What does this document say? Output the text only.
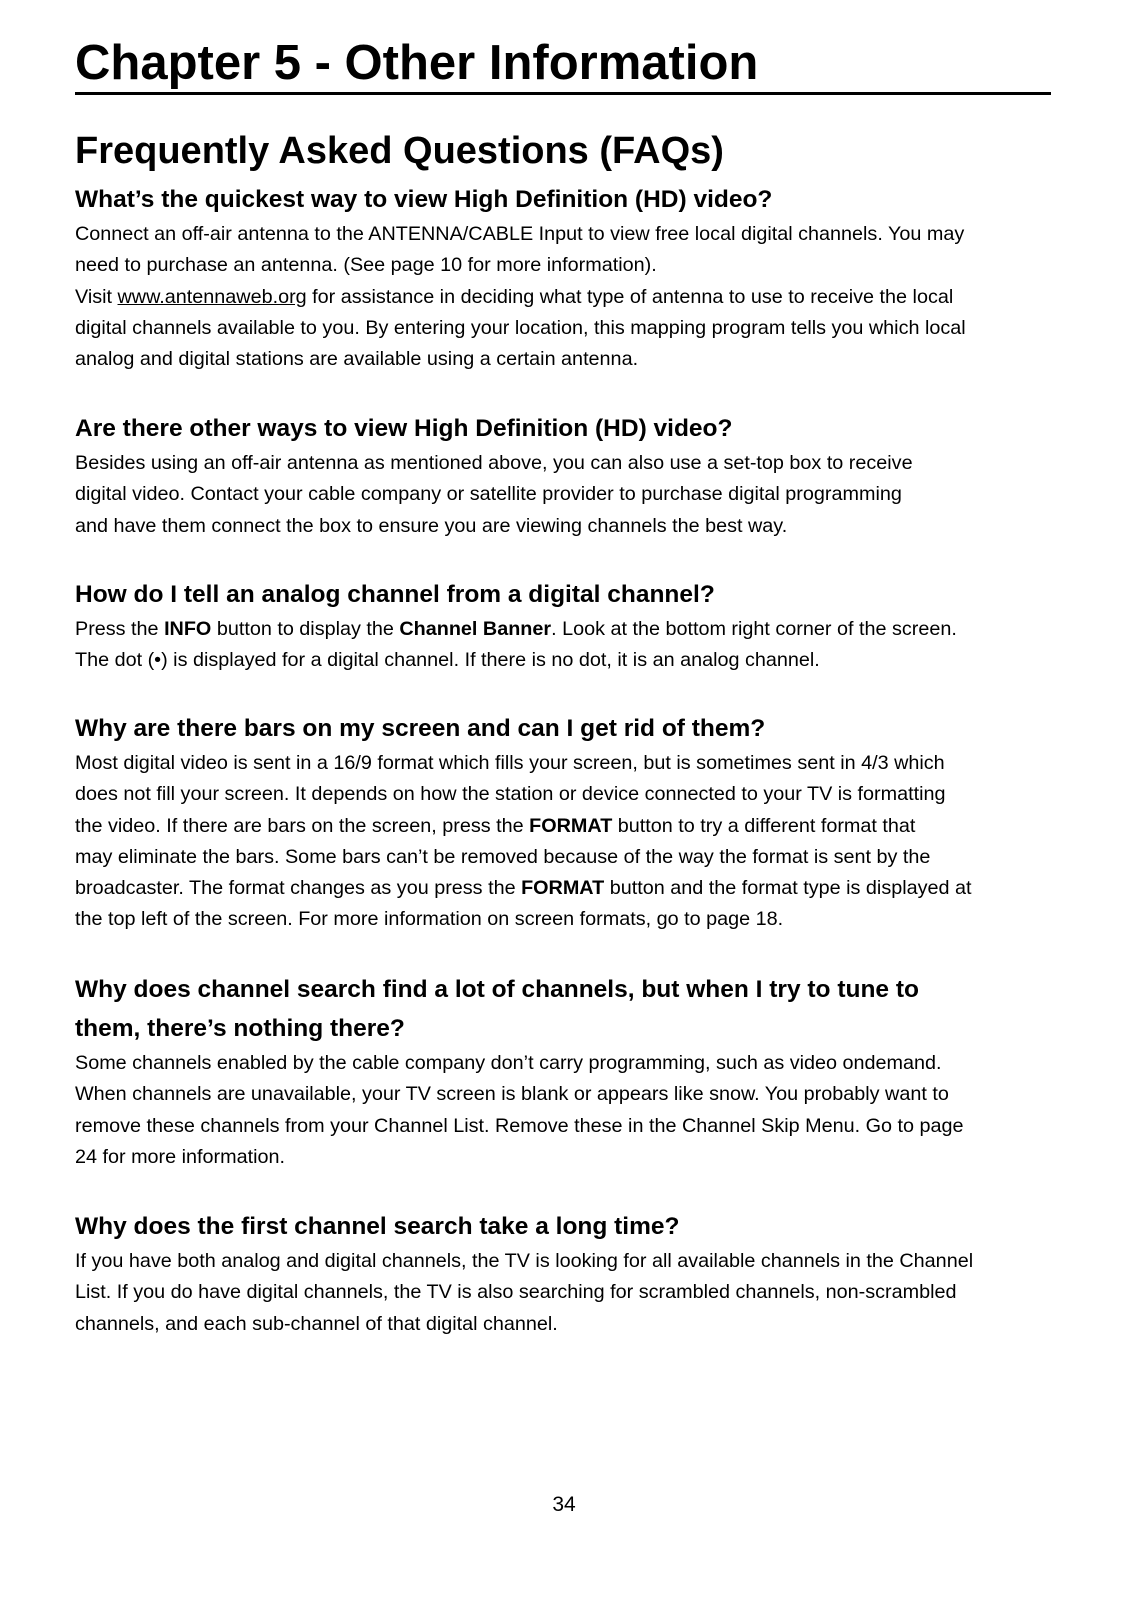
Chapter 5 - Other Information
Frequently Asked Questions (FAQs)
What’s the quickest way to view High Definition (HD) video?

Connect an off-air antenna to the ANTENNA/CABLE Input to view free local digital channels. You may
need to purchase an antenna. (See page 10 for more information).
Visit www.antennaweb.org for assistance in deciding what type of antenna to use to receive the local
digital channels available to you. By entering your location, this mapping program tells you which local
analog and digital stations are available using a certain antenna.

Are there other ways to view High Definition (HD) video?

Besides using an off-air antenna as mentioned above, you can also use a set-top box to receive
digital video. Contact your cable company or satellite provider to purchase digital programming
and have them connect the box to ensure you are viewing channels the best way.

How do I tell an analog channel from a digital channel?

Press the INFO button to display the Channel Banner. Look at the bottom right corner of the screen.
The dot (•) is displayed for a digital channel. If there is no dot, it is an analog channel.

Why are there bars on my screen and can I get rid of them?

Most digital video is sent in a 16/9 format which fills your screen, but is sometimes sent in 4/3 which
does not fill your screen. It depends on how the station or device connected to your TV is formatting
the video. If there are bars on the screen, press the FORMAT button to try a different format that
may eliminate the bars. Some bars can’t be removed because of the way the format is sent by the
broadcaster. The format changes as you press the FORMAT button and the format type is displayed at
the top left of the screen. For more information on screen formats, go to page 18.

Why does channel search find a lot of channels, but when I try to tune to
them, there’s nothing there?

Some channels enabled by the cable company don’t carry programming, such as video ondemand.
When channels are unavailable, your TV screen is blank or appears like snow. You probably want to
remove these channels from your Channel List. Remove these in the Channel Skip Menu. Go to page
24 for more information.

Why does the first channel search take a long time?

If you have both analog and digital channels, the TV is looking for all available channels in the Channel
List. If you do have digital channels, the TV is also searching for scrambled channels, non-scrambled
channels, and each sub-channel of that digital channel.

34
